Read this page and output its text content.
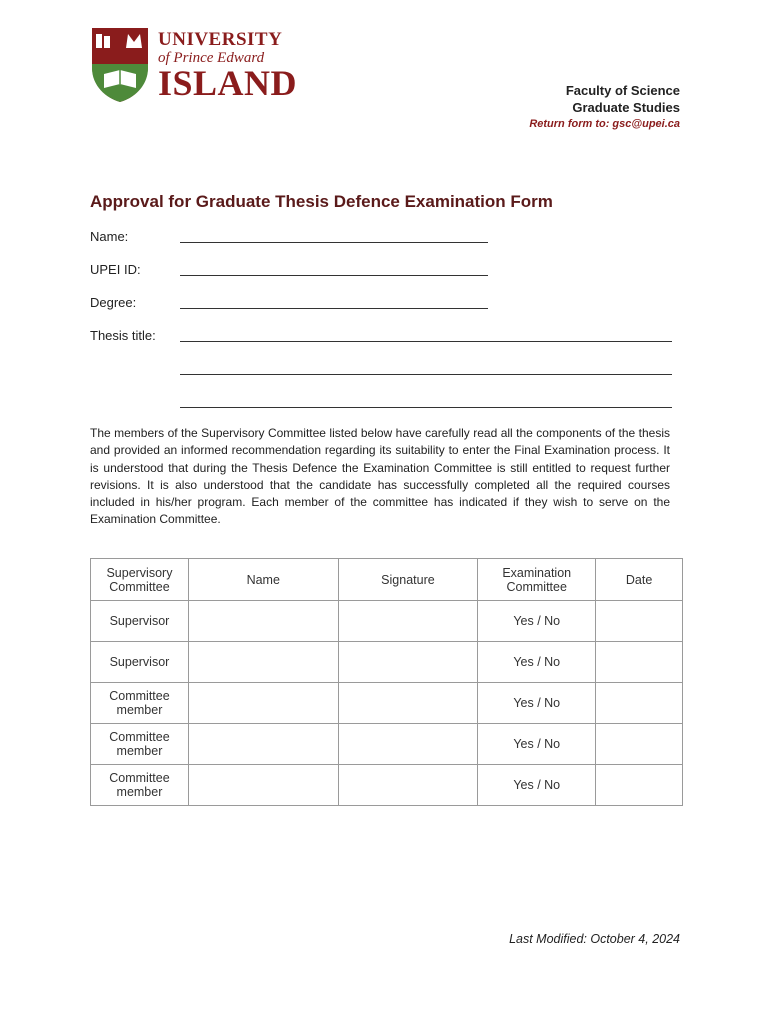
UNIVERSITY
of Prince Edward
ISLAND	Faculty of Science
Graduate Studies
Return form to: gsc@upei.ca
Approval for Graduate Thesis Defence Examination Form
Name:
UPEI ID:
Degree:
Thesis title:
The members of the Supervisory Committee listed below have carefully read all the components of the thesis and provided an informed recommendation regarding its suitability to enter the Final Examination process. It is understood that during the Thesis Defence the Examination Committee is still entitled to request further revisions. It is also understood that the candidate has successfully completed all the required courses included in his/her program. Each member of the committee has indicated if they wish to serve on the Examination Committee.
Supervisory Committee	Name	Signature	Examination Committee	Date
Supervisor			Yes / No	
Supervisor			Yes / No	
Committee member			Yes / No	
Committee member			Yes / No	
Committee member			Yes / No	
Last Modified: October 4, 2024
